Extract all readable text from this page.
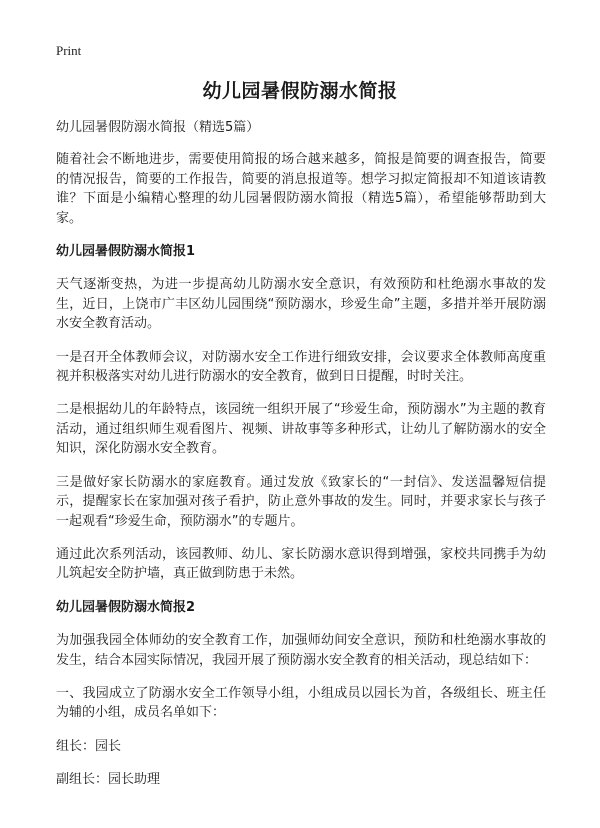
Print
幼儿园暑假防溺水简报

幼儿园暑假防溺水简报（精选5篇）

随着社会不断地进步，需要使用简报的场合越来越多，简报是简要的调查报告，简要的情况报告，简要的工作报告，简要的消息报道等。想学习拟定简报却不知道该请教谁？下面是小编精心整理的幼儿园暑假防溺水简报（精选5篇），希望能够帮助到大家。

幼儿园暑假防溺水简报1

天气逐渐变热，为进一步提高幼儿防溺水安全意识，有效预防和杜绝溺水事故的发生，近日，上饶市广丰区幼儿园围绕“预防溺水，珍爱生命”主题，多措并举开展防溺水安全教育活动。

一是召开全体教师会议，对防溺水安全工作进行细致安排，会议要求全体教师高度重视并积极落实对幼儿进行防溺水的安全教育，做到日日提醒，时时关注。

二是根据幼儿的年龄特点，该园统一组织开展了“珍爱生命，预防溺水”为主题的教育活动，通过组织师生观看图片、视频、讲故事等多种形式，让幼儿了解防溺水的安全知识，深化防溺水安全教育。

三是做好家长防溺水的家庭教育。通过发放《致家长的“一封信》、发送温馨短信提示，提醒家长在家加强对孩子看护，防止意外事故的发生。同时，并要求家长与孩子一起观看“珍爱生命，预防溺水”的专题片。

通过此次系列活动，该园教师、幼儿、家长防溺水意识得到增强，家校共同携手为幼儿筑起安全防护墙，真正做到防患于未然。

幼儿园暑假防溺水简报2

为加强我园全体师幼的安全教育工作，加强师幼间安全意识，预防和杜绝溺水事故的发生，结合本园实际情况，我园开展了预防溺水安全教育的相关活动，现总结如下：

一、我园成立了防溺水安全工作领导小组，小组成员以园长为首，各级组长、班主任为辅的小组，成员名单如下：

组长：园长

副组长：园长助理
